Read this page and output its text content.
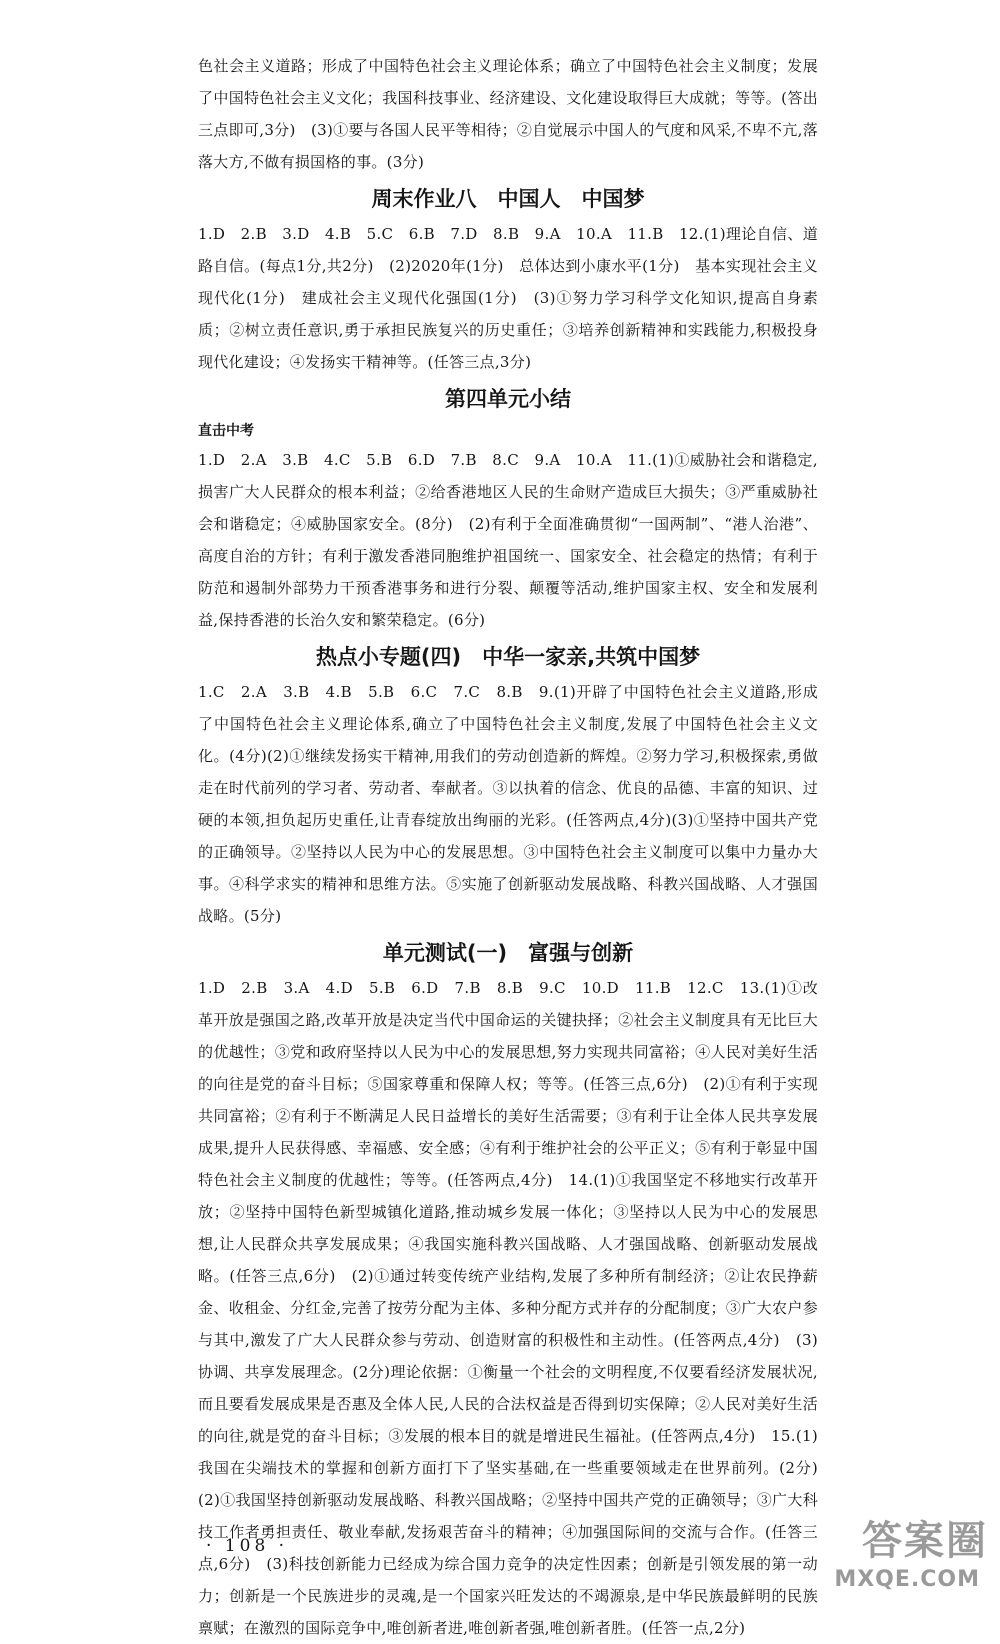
色社会主义道路；形成了中国特色社会主义理论体系；确立了中国特色社会主义制度；发展了中国特色社会主义文化；我国科技事业、经济建设、文化建设取得巨大成就；等等。(答出三点即可,3分)　(3)①要与各国人民平等相待；②自觉展示中国人的气度和风采,不卑不亢,落落大方,不做有损国格的事。(3分)

周末作业八　中国人　中国梦

1.D　2.B　3.D　4.B　5.C　6.B　7.D　8.B　9.A　10.A　11.B　12.(1)理论自信、道路自信。(每点1分,共2分)　(2)2020年(1分)　总体达到小康水平(1分)　基本实现社会主义现代化(1分)　建成社会主义现代化强国(1分)　(3)①努力学习科学文化知识,提高自身素质；②树立责任意识,勇于承担民族复兴的历史重任；③培养创新精神和实践能力,积极投身现代化建设；④发扬实干精神等。(任答三点,3分)

第四单元小结

直击中考

1.D　2.A　3.B　4.C　5.B　6.D　7.B　8.C　9.A　10.A　11.(1)①威胁社会和谐稳定,损害广大人民群众的根本利益；②给香港地区人民的生命财产造成巨大损失；③严重威胁社会和谐稳定；④威胁国家安全。(8分)　(2)有利于全面准确贯彻“一国两制”、“港人治港”、高度自治的方针；有利于激发香港同胞维护祖国统一、国家安全、社会稳定的热情；有利于防范和遏制外部势力干预香港事务和进行分裂、颠覆等活动,维护国家主权、安全和发展利益,保持香港的长治久安和繁荣稳定。(6分)

热点小专题(四)　中华一家亲,共筑中国梦

1.C　2.A　3.B　4.B　5.B　6.C　7.C　8.B　9.(1)开辟了中国特色社会主义道路,形成了中国特色社会主义理论体系,确立了中国特色社会主义制度,发展了中国特色社会主义文化。(4分)(2)①继续发扬实干精神,用我们的劳动创造新的辉煌。②努力学习,积极探索,勇做走在时代前列的学习者、劳动者、奉献者。③以执着的信念、优良的品德、丰富的知识、过硬的本领,担负起历史重任,让青春绽放出绚丽的光彩。(任答两点,4分)(3)①坚持中国共产党的正确领导。②坚持以人民为中心的发展思想。③中国特色社会主义制度可以集中力量办大事。④科学求实的精神和思维方法。⑤实施了创新驱动发展战略、科教兴国战略、人才强国战略。(5分)

单元测试(一)　富强与创新

1.D　2.B　3.A　4.D　5.B　6.D　7.B　8.B　9.C　10.D　11.B　12.C　13.(1)①改革开放是强国之路,改革开放是决定当代中国命运的关键抉择；②社会主义制度具有无比巨大的优越性；③党和政府坚持以人民为中心的发展思想,努力实现共同富裕；④人民对美好生活的向往是党的奋斗目标；⑤国家尊重和保障人权；等等。(任答三点,6分)　(2)①有利于实现共同富裕；②有利于不断满足人民日益增长的美好生活需要；③有利于让全体人民共享发展成果,提升人民获得感、幸福感、安全感；④有利于维护社会的公平正义；⑤有利于彰显中国特色社会主义制度的优越性；等等。(任答两点,4分)　14.(1)①我国坚定不移地实行改革开放；②坚持中国特色新型城镇化道路,推动城乡发展一体化；③坚持以人民为中心的发展思想,让人民群众共享发展成果；④我国实施科教兴国战略、人才强国战略、创新驱动发展战略。(任答三点,6分)　(2)①通过转变传统产业结构,发展了多种所有制经济；②让农民挣薪金、收租金、分红金,完善了按劳分配为主体、多种分配方式并存的分配制度；③广大农户参与其中,激发了广大人民群众参与劳动、创造财富的积极性和主动性。(任答两点,4分)　(3)协调、共享发展理念。(2分)理论依据：①衡量一个社会的文明程度,不仅要看经济发展状况,而且要看发展成果是否惠及全体人民,人民的合法权益是否得到切实保障；②人民对美好生活的向往,就是党的奋斗目标；③发展的根本目的就是增进民生福祉。(任答两点,4分)　15.(1)我国在尖端技术的掌握和创新方面打下了坚实基础,在一些重要领域走在世界前列。(2分)　(2)①我国坚持创新驱动发展战略、科教兴国战略；②坚持中国共产党的正确领导；③广大科技工作者勇担责任、敬业奉献,发扬艰苦奋斗的精神；④加强国际间的交流与合作。(任答三点,6分)　(3)科技创新能力已经成为综合国力竞争的决定性因素；创新是引领发展的第一动力；创新是一个民族进步的灵魂,是一个国家兴旺发达的不竭源泉,是中华民族最鲜明的民族禀赋；在激烈的国际竞争中,唯创新者进,唯创新者强,唯创新者胜。(任答一点,2分)

· 108 ·	答案圈
MXQE.COM
